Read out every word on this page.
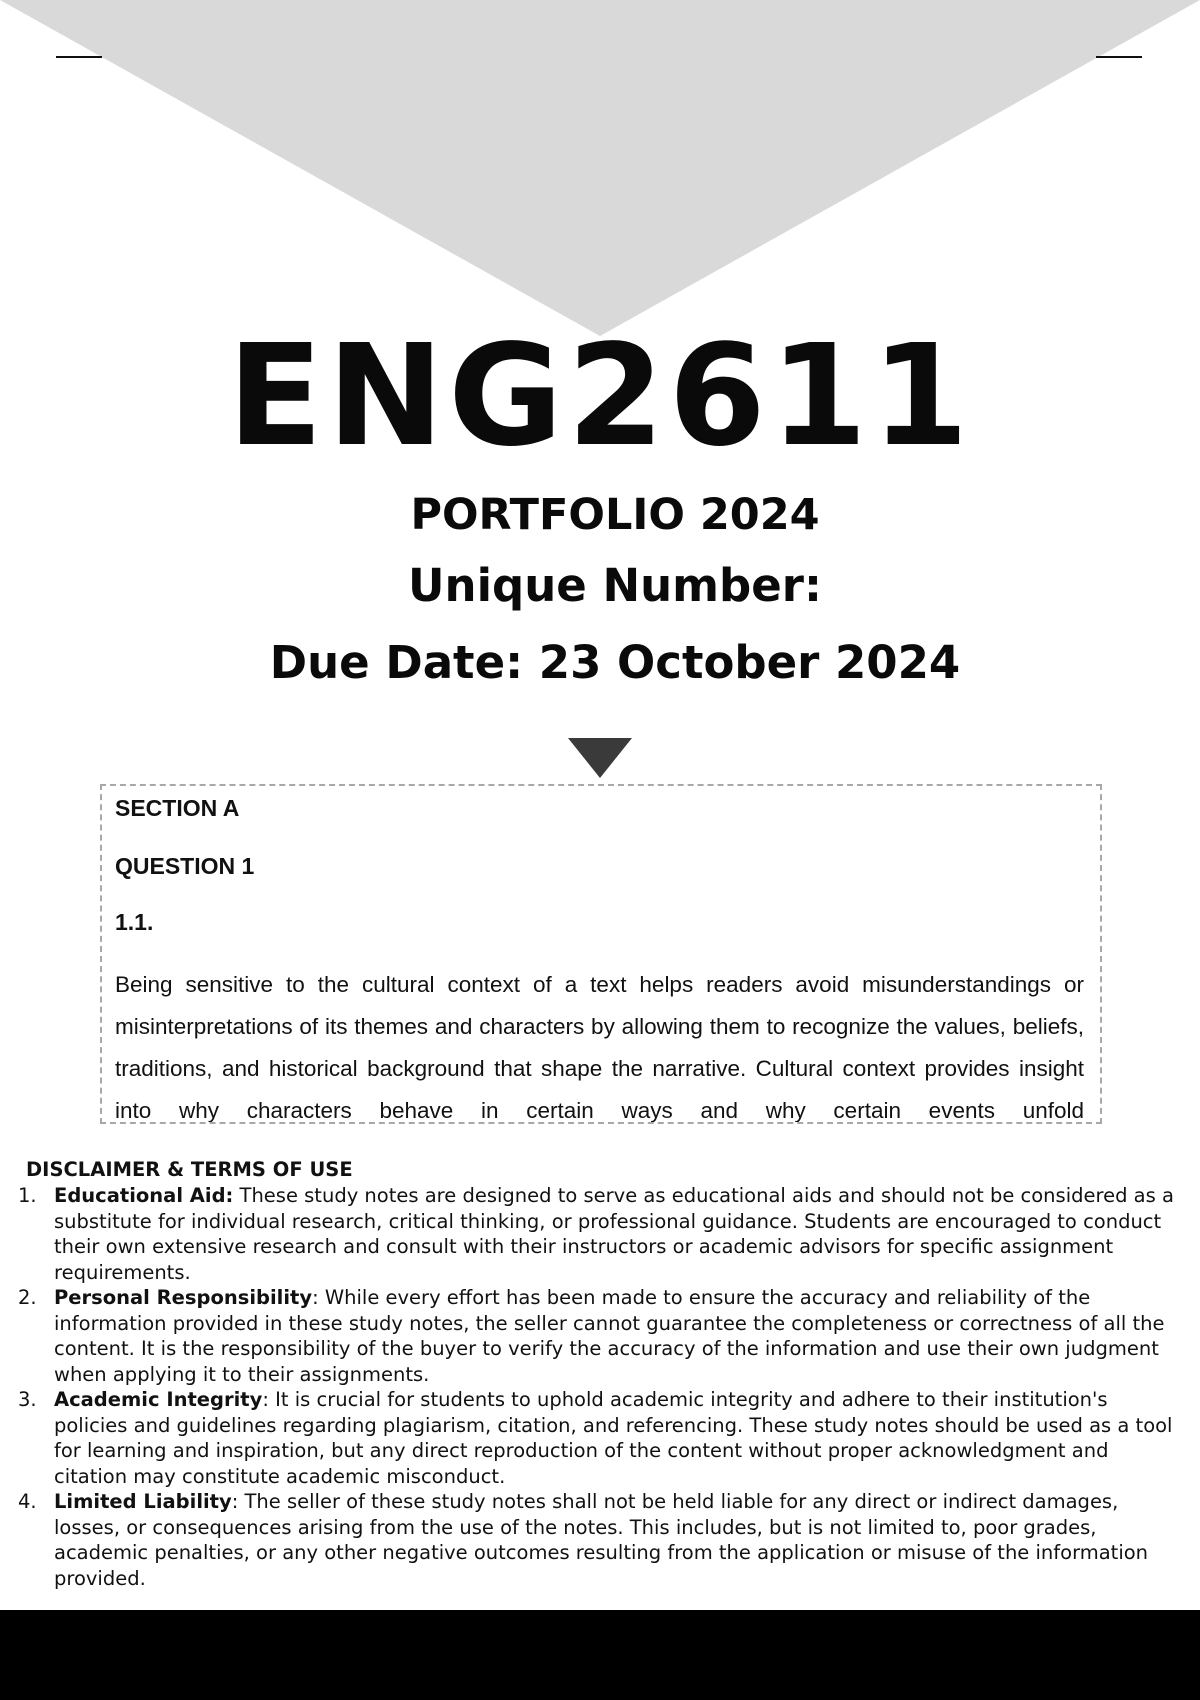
ENG2611
PORTFOLIO 2024
Unique Number:
Due Date: 23 October 2024

SECTION A

QUESTION 1

1.1.

Being sensitive to the cultural context of a text helps readers avoid misunderstandings or misinterpretations of its themes and characters by allowing them to recognize the values, beliefs, traditions, and historical background that shape the narrative. Cultural context provides insight into why characters behave in certain ways and why certain events unfold

DISCLAIMER & TERMS OF USE

1. Educational Aid: These study notes are designed to serve as educational aids and should not be considered as a substitute for individual research, critical thinking, or professional guidance. Students are encouraged to conduct their own extensive research and consult with their instructors or academic advisors for specific assignment requirements.
2. Personal Responsibility: While every effort has been made to ensure the accuracy and reliability of the information provided in these study notes, the seller cannot guarantee the completeness or correctness of all the content. It is the responsibility of the buyer to verify the accuracy of the information and use their own judgment when applying it to their assignments.
3. Academic Integrity: It is crucial for students to uphold academic integrity and adhere to their institution's policies and guidelines regarding plagiarism, citation, and referencing. These study notes should be used as a tool for learning and inspiration, but any direct reproduction of the content without proper acknowledgment and citation may constitute academic misconduct.
4. Limited Liability: The seller of these study notes shall not be held liable for any direct or indirect damages, losses, or consequences arising from the use of the notes. This includes, but is not limited to, poor grades, academic penalties, or any other negative outcomes resulting from the application or misuse of the information provided.
